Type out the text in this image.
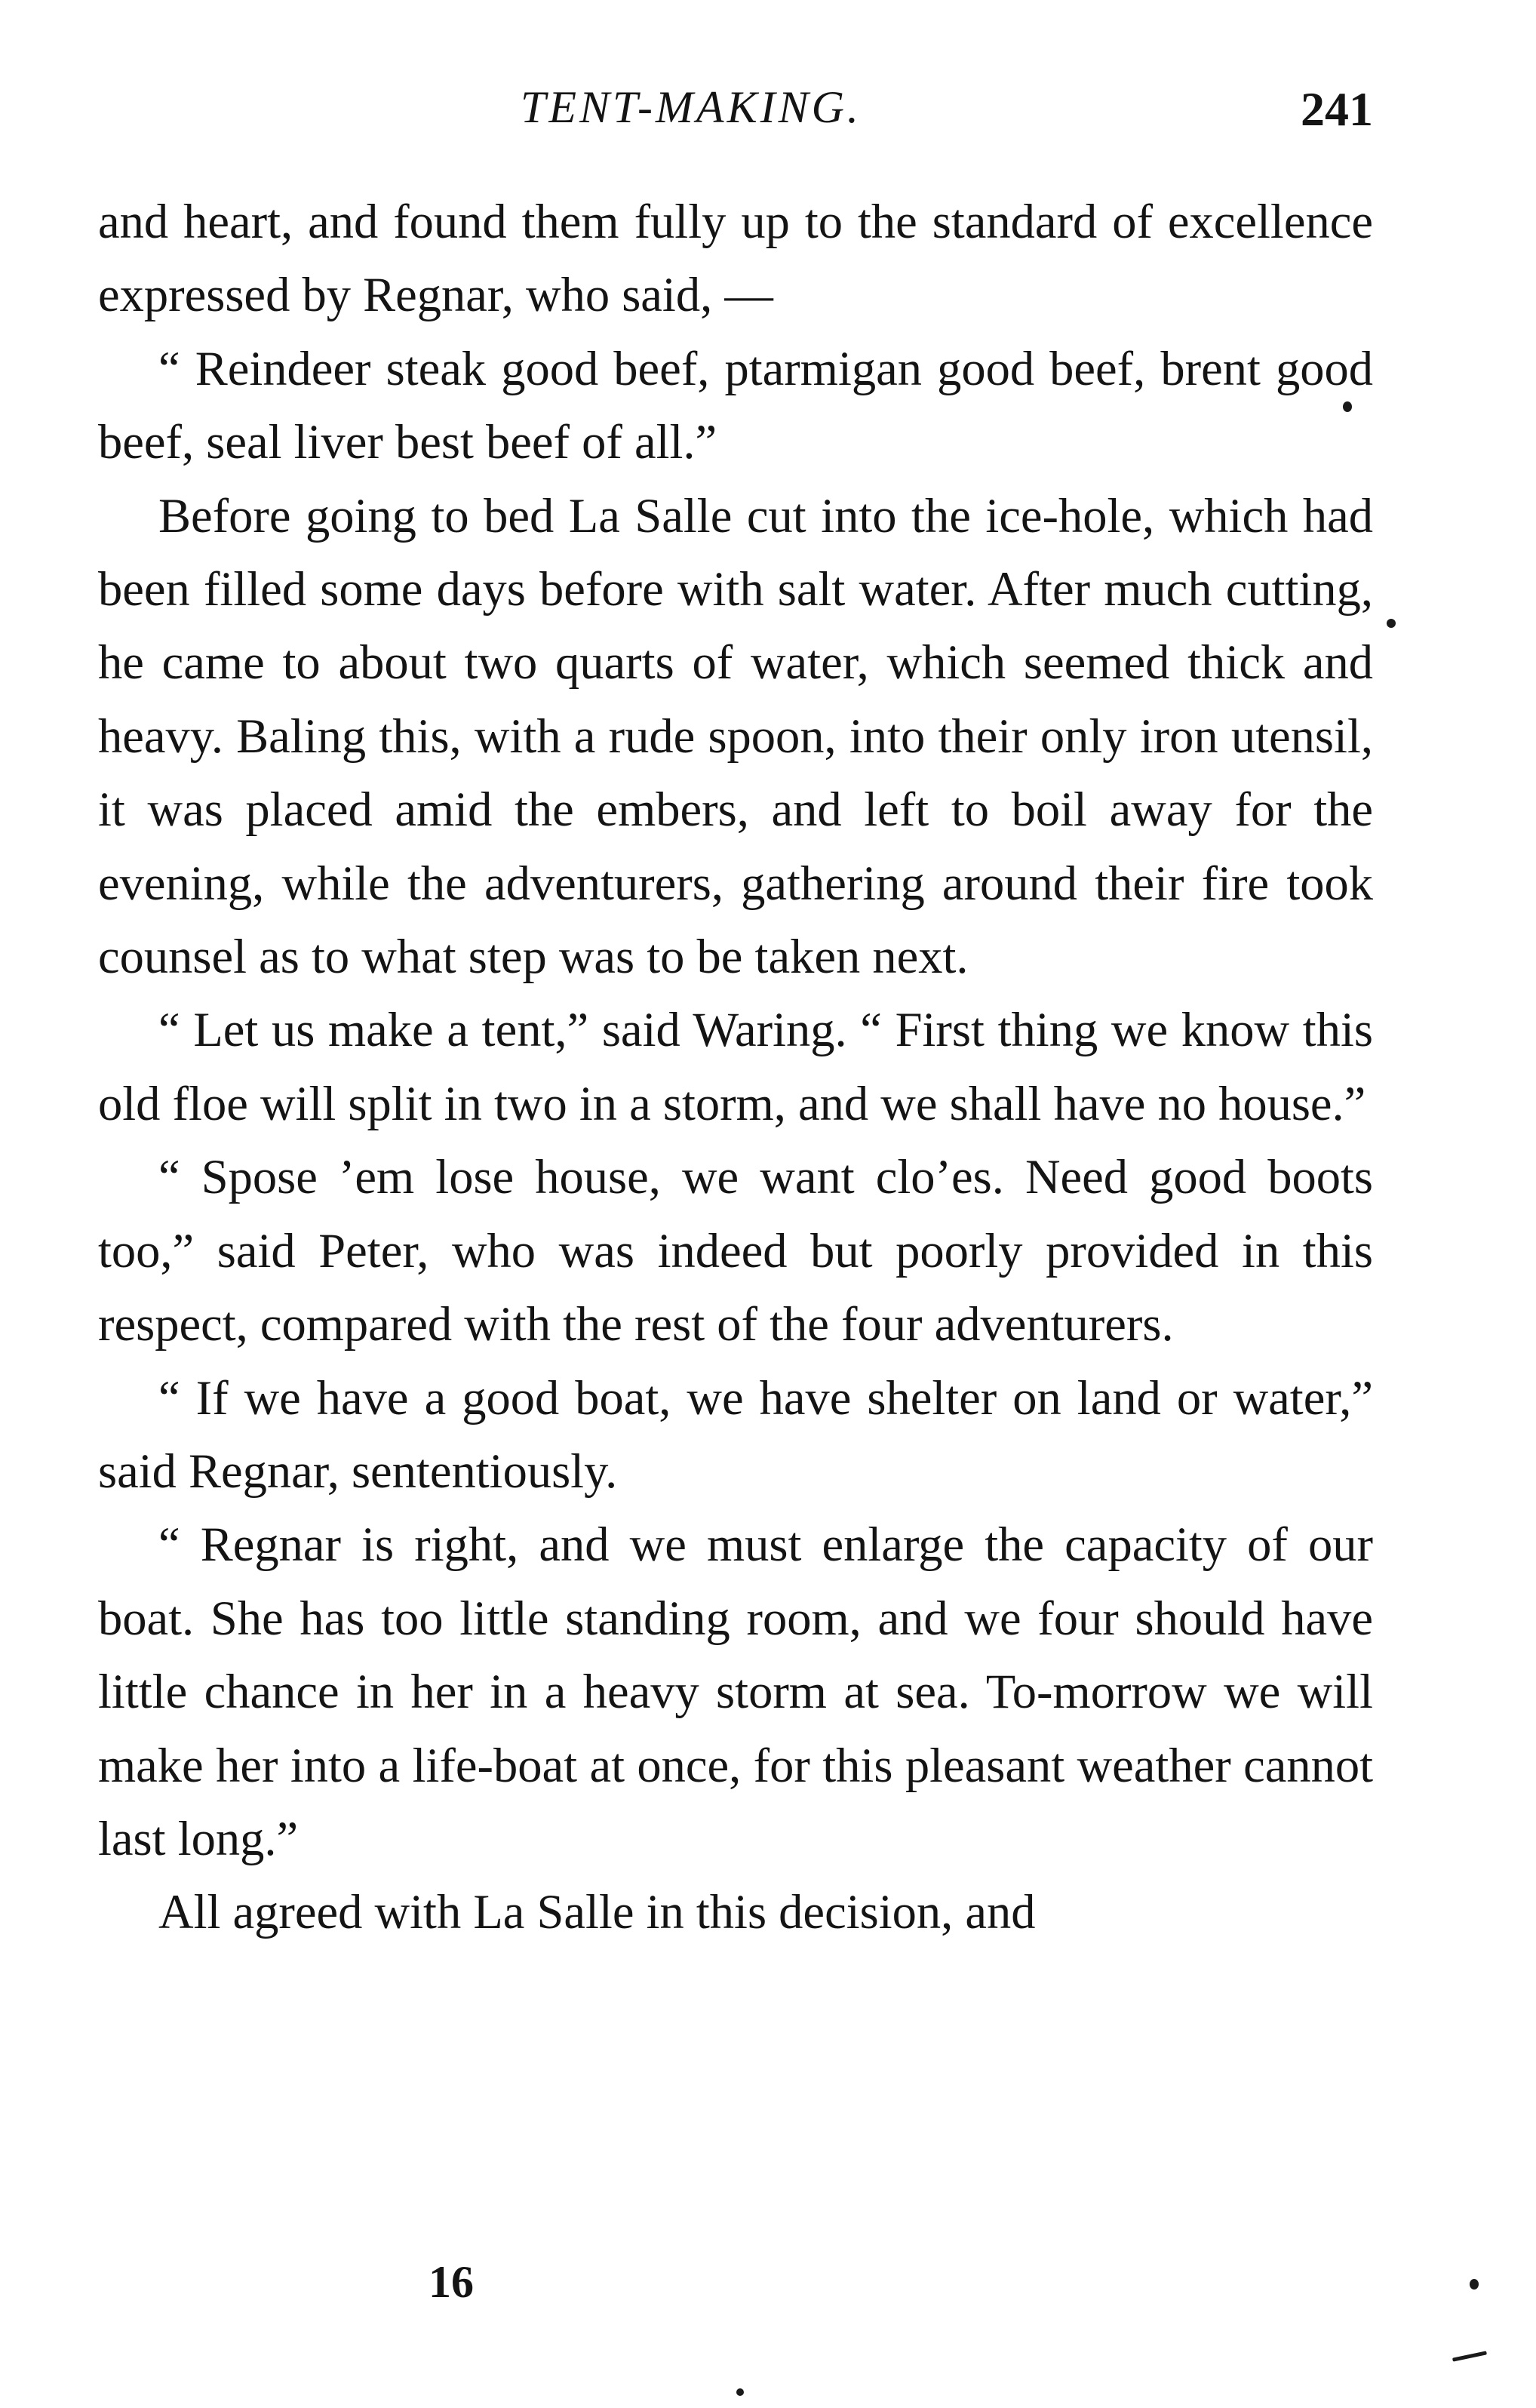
TENT-MAKING.	241

and heart, and found them fully up to the standard of excellence expressed by Regnar, who said, —

“ Reindeer steak good beef, ptarmigan good beef, brent good beef, seal liver best beef of all.”

Before going to bed La Salle cut into the ice-hole, which had been filled some days before with salt water. After much cutting, he came to about two quarts of water, which seemed thick and heavy. Baling this, with a rude spoon, into their only iron utensil, it was placed amid the embers, and left to boil away for the evening, while the adventurers, gathering around their fire took counsel as to what step was to be taken next.

“ Let us make a tent,” said Waring. “ First thing we know this old floe will split in two in a storm, and we shall have no house.”

“ Spose ’em lose house, we want clo’es. Need good boots too,” said Peter, who was indeed but poorly provided in this respect, compared with the rest of the four adventurers.

“ If we have a good boat, we have shelter on land or water,” said Regnar, sententiously.

“ Regnar is right, and we must enlarge the capacity of our boat. She has too little standing room, and we four should have little chance in her in a heavy storm at sea. To-morrow we will make her into a life-boat at once, for this pleasant weather cannot last long.”

All agreed with La Salle in this decision, and

16
